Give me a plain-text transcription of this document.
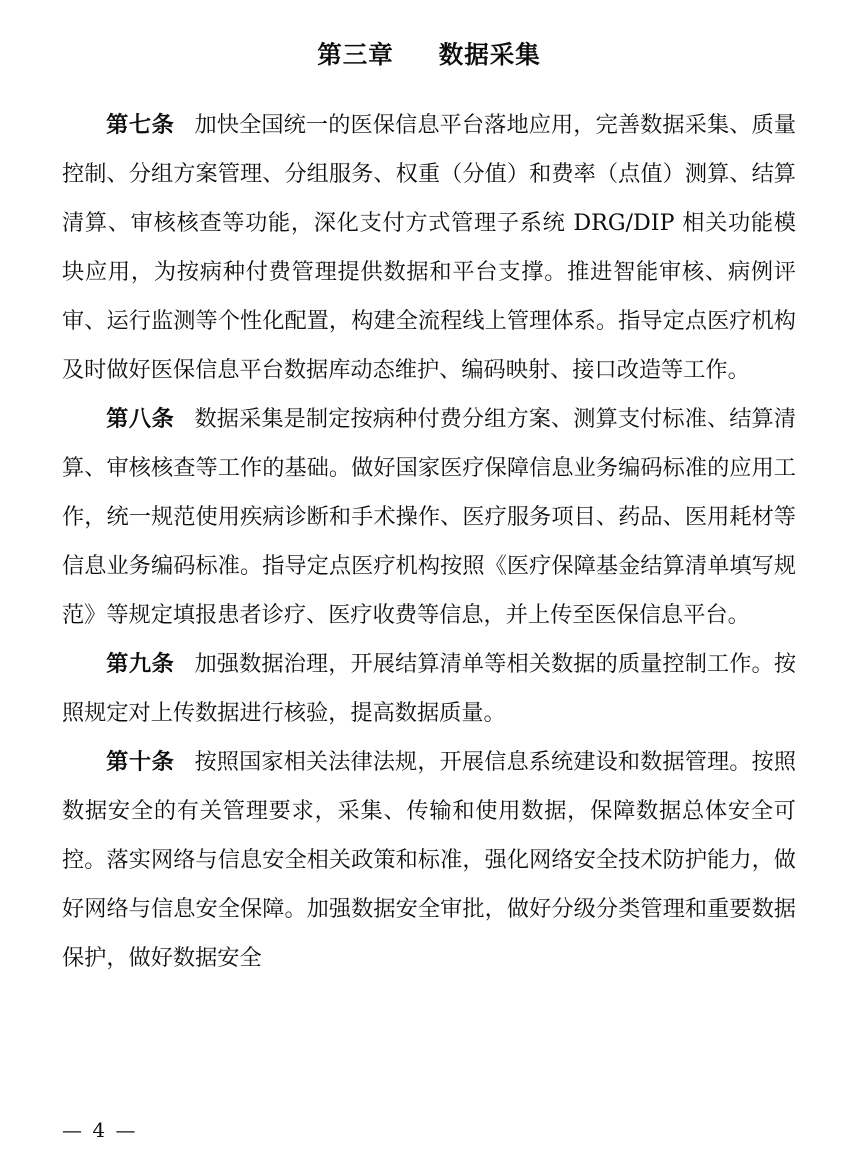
第三章 数据采集

第七条 加快全国统一的医保信息平台落地应用，完善数据采集、质量控制、分组方案管理、分组服务、权重（分值）和费率（点值）测算、结算清算、审核核查等功能，深化支付方式管理子系统 DRG/DIP 相关功能模块应用，为按病种付费管理提供数据和平台支撑。推进智能审核、病例评审、运行监测等个性化配置，构建全流程线上管理体系。指导定点医疗机构及时做好医保信息平台数据库动态维护、编码映射、接口改造等工作。

第八条 数据采集是制定按病种付费分组方案、测算支付标准、结算清算、审核核查等工作的基础。做好国家医疗保障信息业务编码标准的应用工作，统一规范使用疾病诊断和手术操作、医疗服务项目、药品、医用耗材等信息业务编码标准。指导定点医疗机构按照《医疗保障基金结算清单填写规范》等规定填报患者诊疗、医疗收费等信息，并上传至医保信息平台。

第九条 加强数据治理，开展结算清单等相关数据的质量控制工作。按照规定对上传数据进行核验，提高数据质量。

第十条 按照国家相关法律法规，开展信息系统建设和数据管理。按照数据安全的有关管理要求，采集、传输和使用数据，保障数据总体安全可控。落实网络与信息安全相关政策和标准，强化网络安全技术防护能力，做好网络与信息安全保障。加强数据安全审批，做好分级分类管理和重要数据保护，做好数据安全

— 4 —
